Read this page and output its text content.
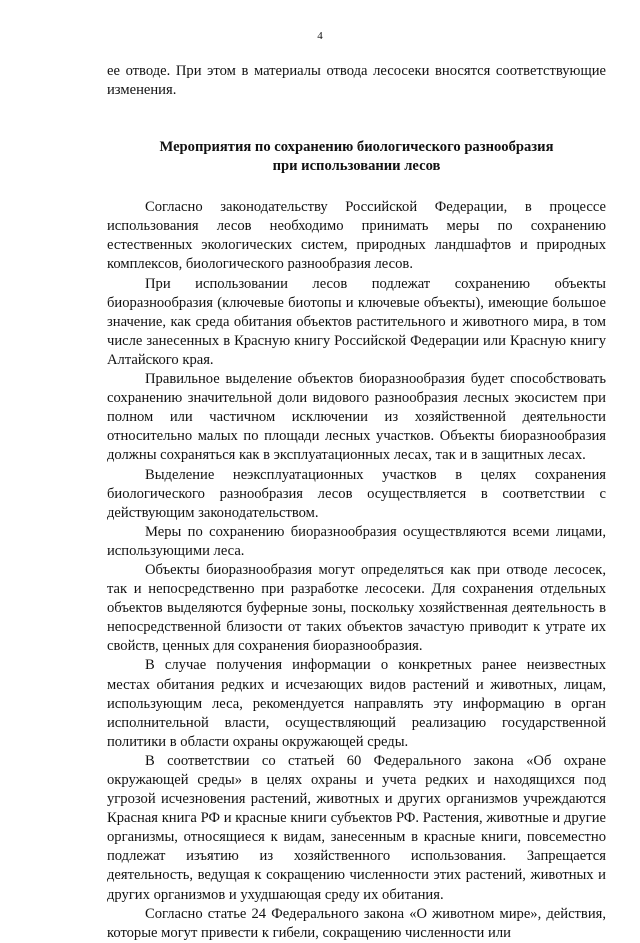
4

ее отводе. При этом в материалы отвода лесосеки вносятся соответствующие изменения.

Мероприятия по сохранению биологического разнообразия
при использовании лесов

Согласно законодательству Российской Федерации, в процессе использования лесов необходимо принимать меры по сохранению естественных экологических систем, природных ландшафтов и природных комплексов, биологического разнообразия лесов.

При использовании лесов подлежат сохранению объекты биоразнообразия (ключевые биотопы и ключевые объекты), имеющие большое значение, как среда обитания объектов растительного и животного мира, в том числе занесенных в Красную книгу Российской Федерации или Красную книгу Алтайского края.

Правильное выделение объектов биоразнообразия будет способствовать сохранению значительной доли видового разнообразия лесных экосистем при полном или частичном исключении из хозяйственной деятельности относительно малых по площади лесных участков. Объекты биоразнообразия должны сохраняться как в эксплуатационных лесах, так и в защитных лесах.

Выделение неэксплуатационных участков в целях сохранения биологического разнообразия лесов осуществляется в соответствии с действующим законодательством.

Меры по сохранению биоразнообразия осуществляются всеми лицами, использующими леса.

Объекты биоразнообразия могут определяться как при отводе лесосек, так и непосредственно при разработке лесосеки. Для сохранения отдельных объектов выделяются буферные зоны, поскольку хозяйственная деятельность в непосредственной близости от таких объектов зачастую приводит к утрате их свойств, ценных для сохранения биоразнообразия.

В случае получения информации о конкретных ранее неизвестных местах обитания редких и исчезающих видов растений и животных, лицам, использующим леса, рекомендуется направлять эту информацию в орган исполнительной власти, осуществляющий реализацию государственной политики в области охраны окружающей среды.

В соответствии со статьей 60 Федерального закона «Об охране окружающей среды» в целях охраны и учета редких и находящихся под угрозой исчезновения растений, животных и других организмов учреждаются Красная книга РФ и красные книги субъектов РФ. Растения, животные и другие организмы, относящиеся к видам, занесенным в красные книги, повсеместно подлежат изъятию из хозяйственного использования. Запрещается деятельность, ведущая к сокращению численности этих растений, животных и других организмов и ухудшающая среду их обитания.

Согласно статье 24 Федерального закона «О животном мире», действия, которые могут привести к гибели, сокращению численности или
